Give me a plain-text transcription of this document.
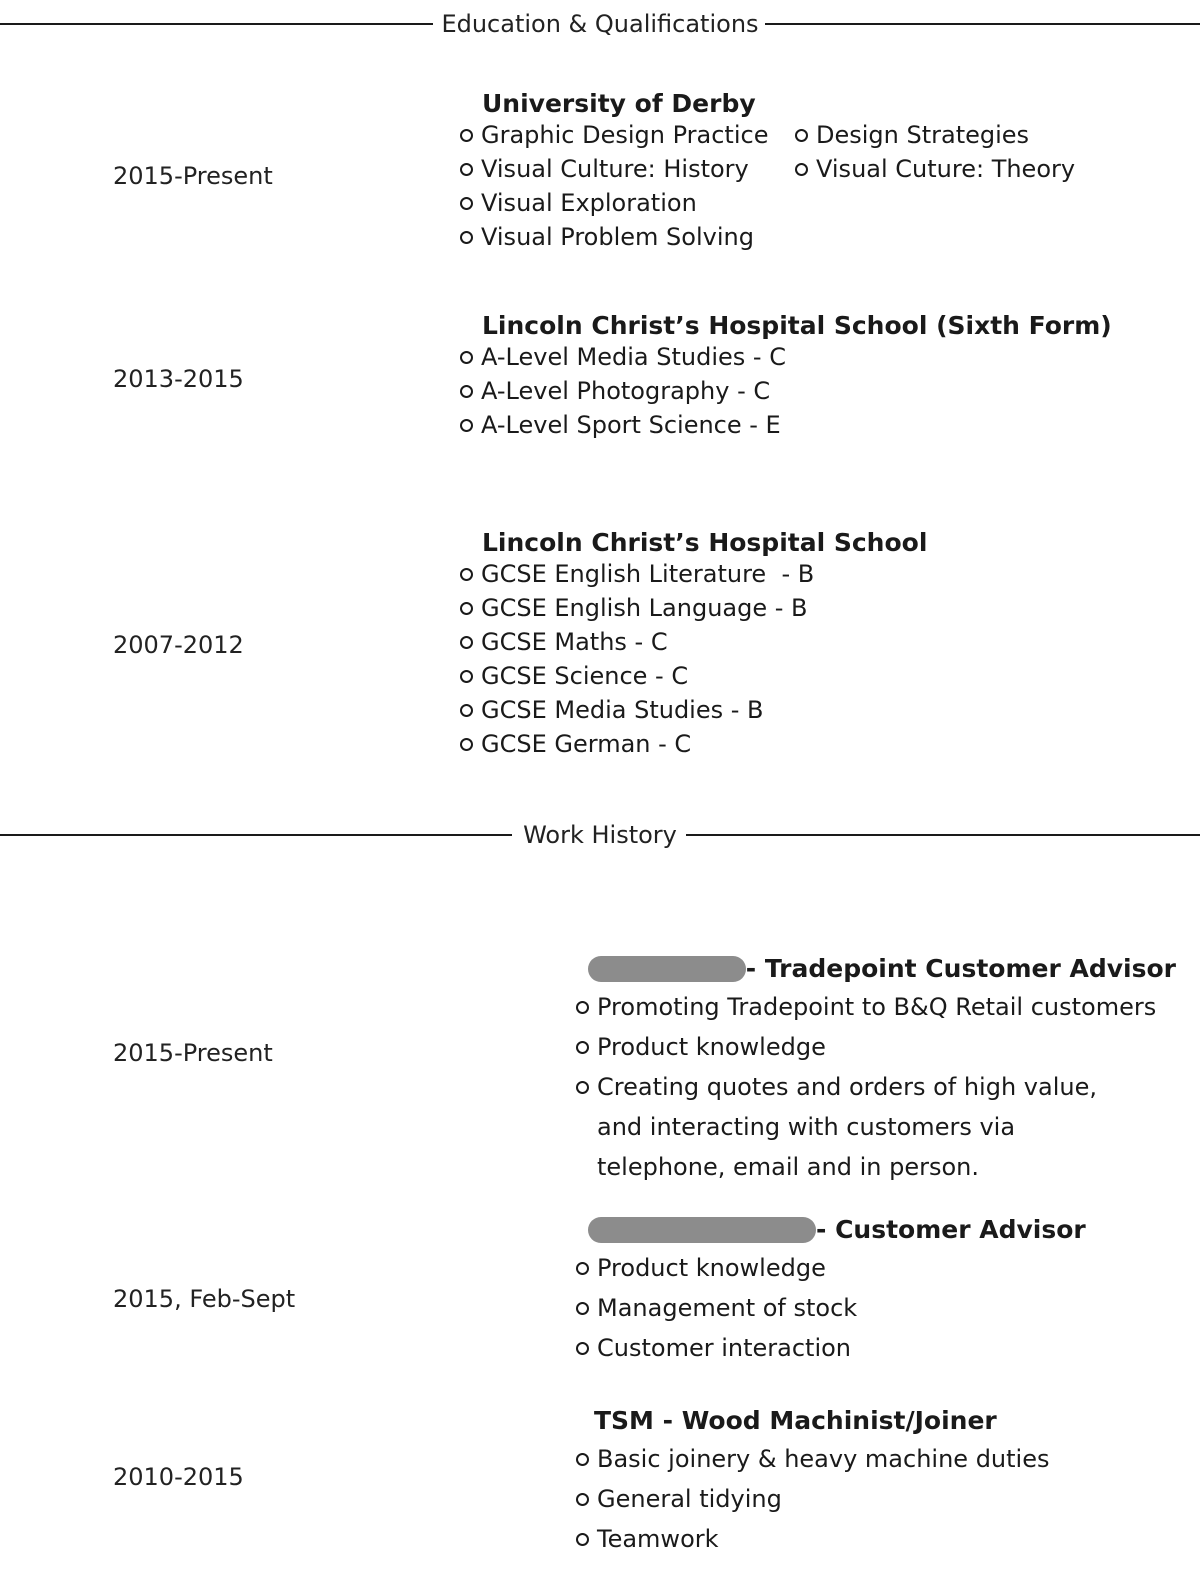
Education & Qualifications
2015-Present
University of Derby
Graphic Design Practice
Visual Culture: History
Visual Exploration
Visual Problem Solving
Design Strategies
Visual Cuture: Theory
2013-2015
Lincoln Christ’s Hospital School (Sixth Form)
A-Level Media Studies - C
A-Level Photography - C
A-Level Sport Science - E
2007-2012
Lincoln Christ’s Hospital School
GCSE English Literature  - B
GCSE English Language - B
GCSE Maths - C
GCSE Science - C
GCSE Media Studies - B
GCSE German - C
Work History
2015-Present
- Tradepoint Customer Advisor
Promoting Tradepoint to B&Q Retail customers
Product knowledge
Creating quotes and orders of high value, and interacting with customers via telephone, email and in person.
2015, Feb-Sept
- Customer Advisor
Product knowledge
Management of stock
Customer interaction
2010-2015
TSM - Wood Machinist/Joiner
Basic joinery & heavy machine duties
General tidying
Teamwork
